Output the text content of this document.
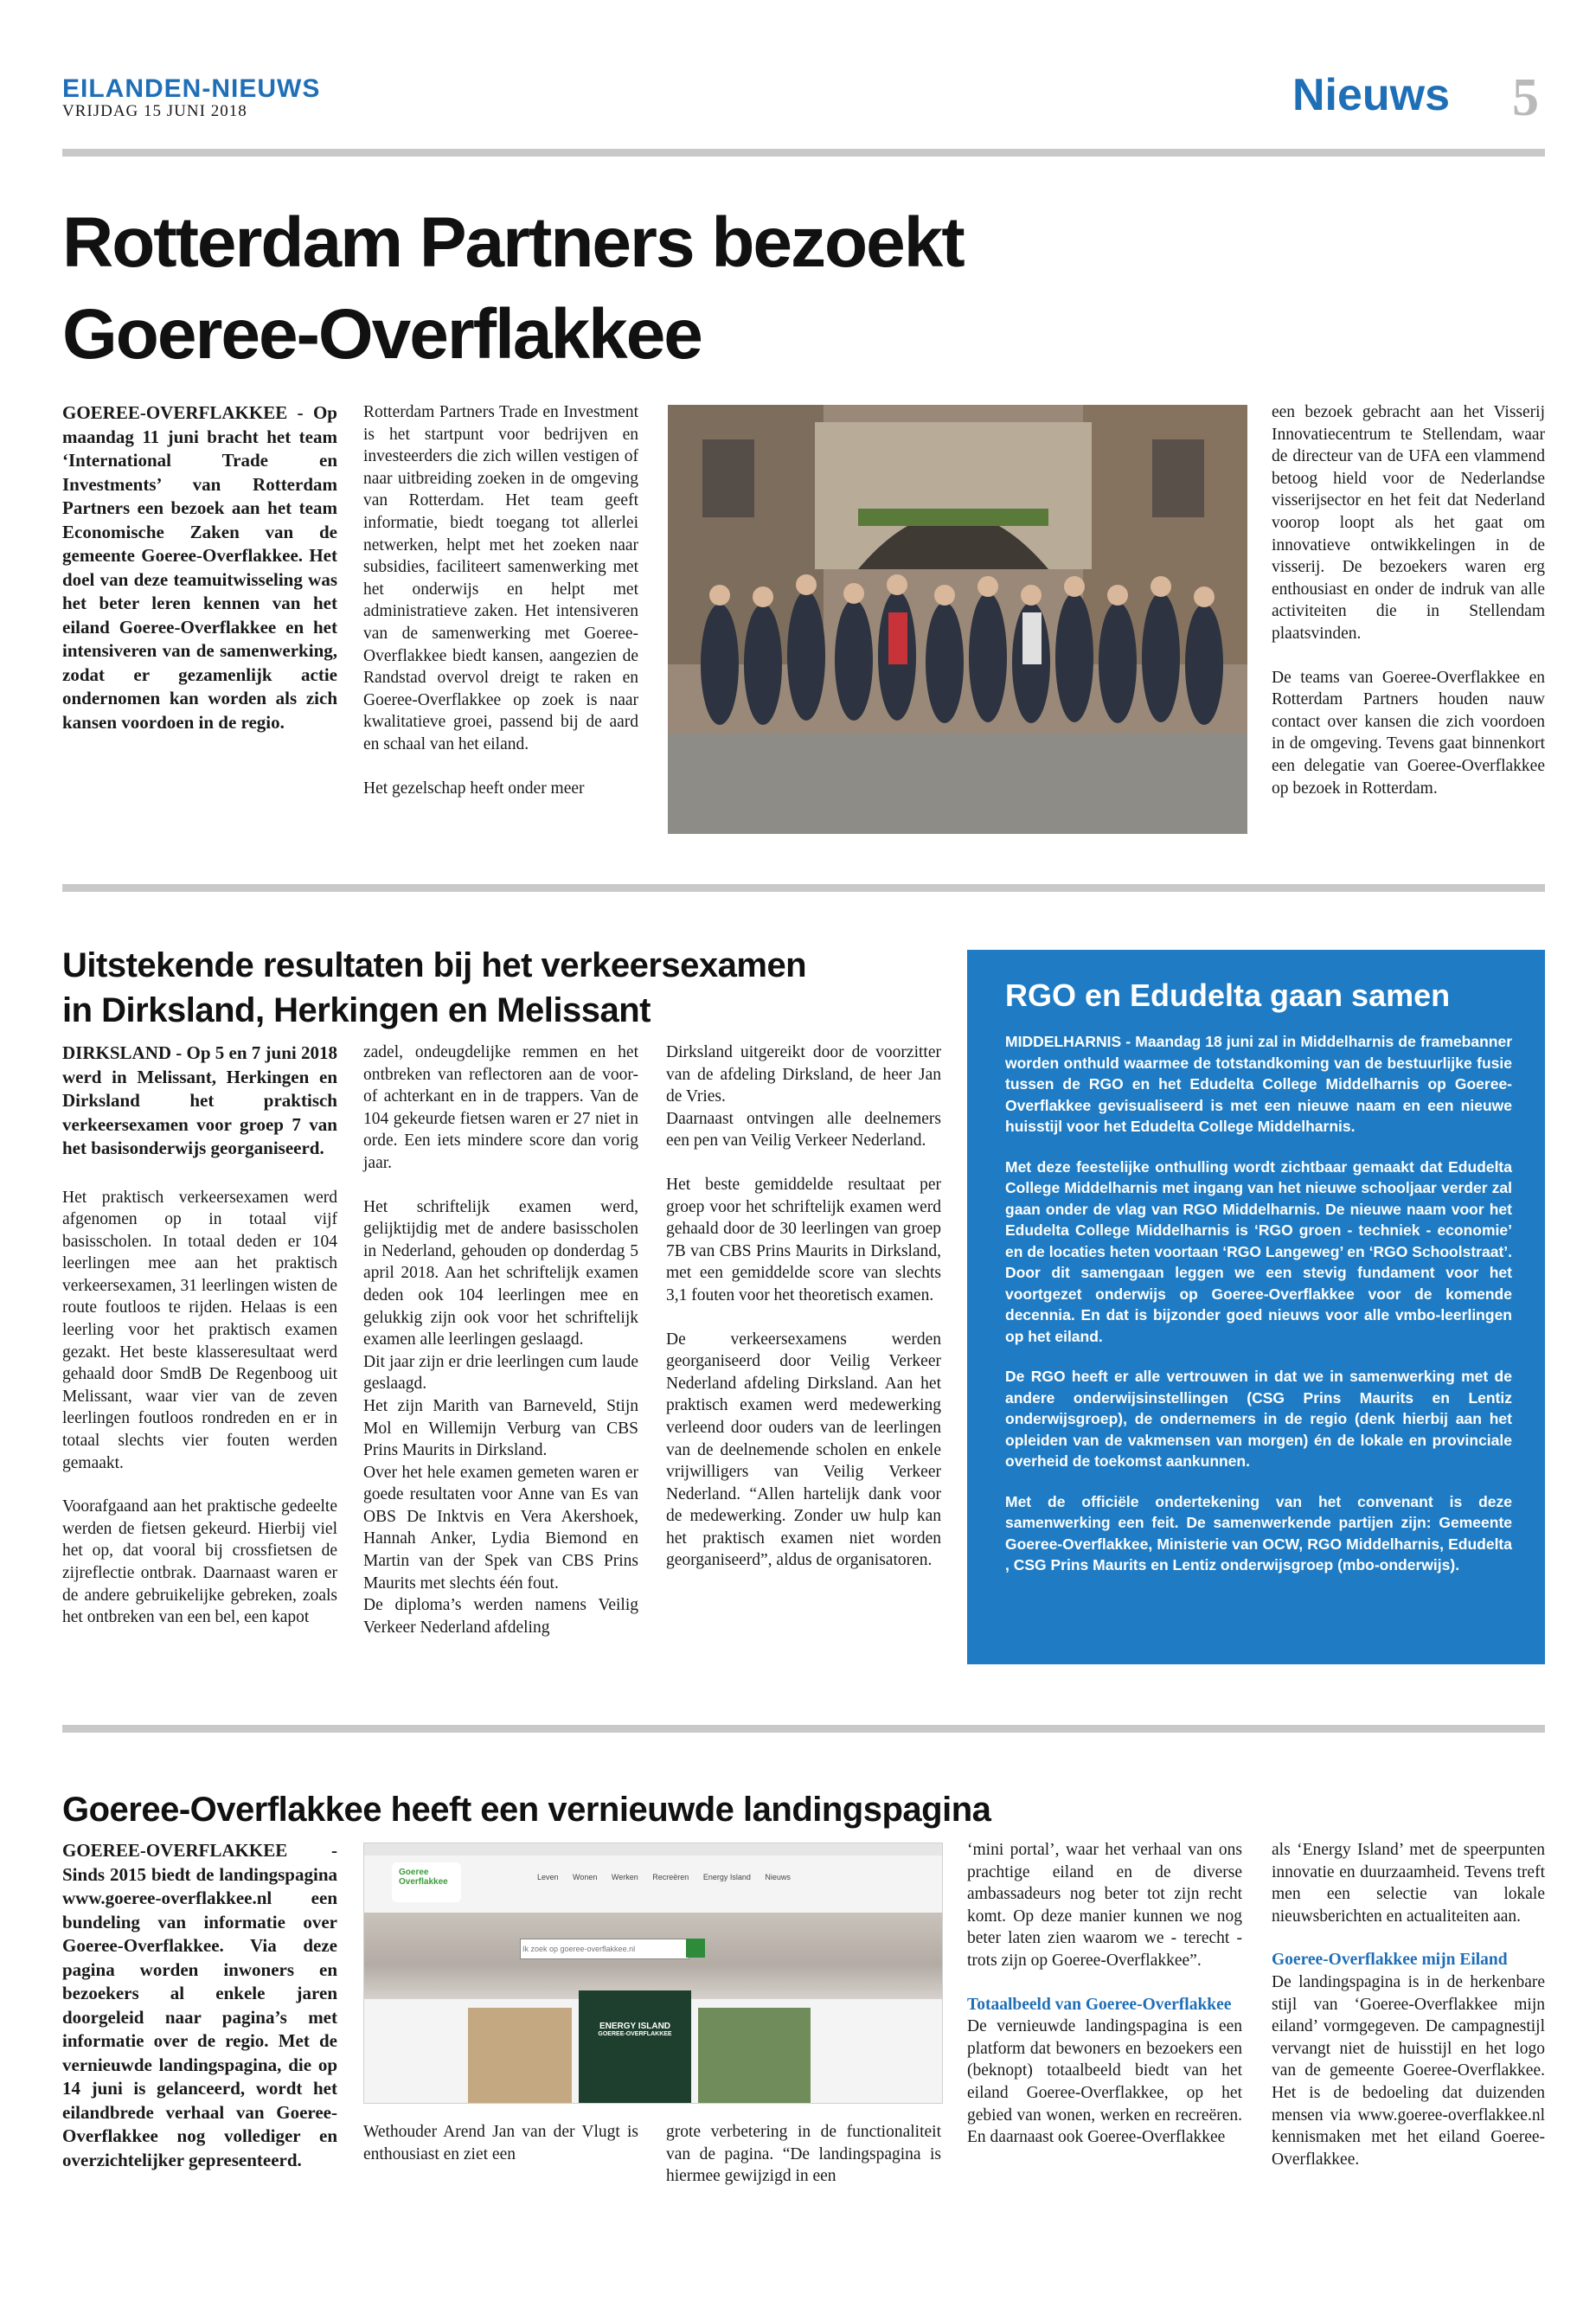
EILANDEN-NIEUWS
VRIJDAG 15 JUNI 2018	Nieuws 5
Rotterdam Partners bezoekt
Goeree-Overflakkee
GOEREE-OVERFLAKKEE - Op maandag 11 juni bracht het team ‘International Trade en Investments’ van Rotterdam Partners een bezoek aan het team Economische Zaken van de gemeente Goeree-Overflakkee. Het doel van deze teamuitwisseling was het beter leren kennen van het eiland Goeree-Overflakkee en het intensiveren van de samenwerking, zodat er gezamenlijk actie ondernomen kan worden als zich kansen voordoen in de regio.

Rotterdam Partners Trade en Investment is het startpunt voor bedrijven en investeerders die zich willen vestigen of naar uitbreiding zoeken in de omgeving van Rotterdam. Het team geeft informatie, biedt toegang tot allerlei netwerken, helpt met het zoeken naar subsidies, faciliteert samenwerking met het onderwijs en helpt met administratieve zaken. Het intensiveren van de samenwerking met Goeree-Overflakkee biedt kansen, aangezien de Randstad overvol dreigt te raken en Goeree-Overflakkee op zoek is naar kwalitatieve groei, passend bij de aard en schaal van het eiland.

Het gezelschap heeft onder meer

een bezoek gebracht aan het Visserij Innovatiecentrum te Stellendam, waar de directeur van de UFA een vlammend betoog hield voor de Nederlandse visserijsector en het feit dat Nederland voorop loopt als het gaat om innovatieve ontwikkelingen in de visserij. De bezoekers waren erg enthousiast en onder de indruk van alle activiteiten die in Stellendam plaatsvinden.

De teams van Goeree-Overflakkee en Rotterdam Partners houden nauw contact over kansen die zich voordoen in de omgeving. Tevens gaat binnenkort een delegatie van Goeree-Overflakkee op bezoek in Rotterdam.

Uitstekende resultaten bij het verkeersexamen
in Dirksland, Herkingen en Melissant

DIRKSLAND - Op 5 en 7 juni 2018 werd in Melissant, Herkingen en Dirksland het praktisch verkeersexamen voor groep 7 van het basisonderwijs georganiseerd.

Het praktisch verkeersexamen werd afgenomen op in totaal vijf basisscholen. In totaal deden er 104 leerlingen mee aan het praktisch verkeersexamen, 31 leerlingen wisten de route foutloos te rijden. Helaas is een leerling voor het praktisch examen gezakt. Het beste klasseresultaat werd gehaald door SmdB De Regenboog uit Melissant, waar vier van de zeven leerlingen foutloos rondreden en er in totaal slechts vier fouten werden gemaakt.

Voorafgaand aan het praktische gedeelte werden de fietsen gekeurd. Hierbij viel het op, dat vooral bij crossfietsen de zijreflectie ontbrak. Daarnaast waren er de andere gebruikelijke gebreken, zoals het ontbreken van een bel, een kapot

zadel, ondeugdelijke remmen en het ontbreken van reflectoren aan de voor- of achterkant en in de trappers. Van de 104 gekeurde fietsen waren er 27 niet in orde. Een iets mindere score dan vorig jaar.

Het schriftelijk examen werd, gelijktijdig met de andere basisscholen in Nederland, gehouden op donderdag 5 april 2018. Aan het schriftelijk examen deden ook 104 leerlingen mee en gelukkig zijn ook voor het schriftelijk examen alle leerlingen geslaagd.

Dit jaar zijn er drie leerlingen cum laude geslaagd.

Het zijn Marith van Barneveld, Stijn Mol en Willemijn Verburg van CBS Prins Maurits in Dirksland.

Over het hele examen gemeten waren er goede resultaten voor Anne van Es van OBS De Inktvis en Vera Akershoek, Hannah Anker, Lydia Biemond en Martin van der Spek van CBS Prins Maurits met slechts één fout.

De diploma’s werden namens Veilig Verkeer Nederland afdeling

Dirksland uitgereikt door de voorzitter van de afdeling Dirksland, de heer Jan de Vries.

Daarnaast ontvingen alle deelnemers een pen van Veilig Verkeer Nederland.

Het beste gemiddelde resultaat per groep voor het schriftelijk examen werd gehaald door de 30 leerlingen van groep 7B van CBS Prins Maurits in Dirksland, met een gemiddelde score van slechts 3,1 fouten voor het theoretisch examen.

De verkeersexamens werden georganiseerd door Veilig Verkeer Nederland afdeling Dirksland. Aan het praktisch examen werd medewerking verleend door ouders van de leerlingen van de deelnemende scholen en enkele vrijwilligers van Veilig Verkeer Nederland. “Allen hartelijk dank voor de medewerking. Zonder uw hulp kan het praktisch examen niet worden georganiseerd”, aldus de organisatoren.

RGO en Edudelta gaan samen

MIDDELHARNIS - Maandag 18 juni zal in Middelharnis de framebanner worden onthuld waarmee de totstandkoming van de bestuurlijke fusie tussen de RGO en het Edudelta College Middelharnis op Goeree-Overflakkee gevisualiseerd is met een nieuwe naam en een nieuwe huisstijl voor het Edudelta College Middelharnis.

Met deze feestelijke onthulling wordt zichtbaar gemaakt dat Edudelta College Middelharnis met ingang van het nieuwe schooljaar verder zal gaan onder de vlag van RGO Middelharnis. De nieuwe naam voor het Edudelta College Middelharnis is ‘RGO groen - techniek - economie’ en de locaties heten voortaan ‘RGO Langeweg’ en ‘RGO Schoolstraat’. Door dit samengaan leggen we een stevig fundament voor het voortgezet onderwijs op Goeree-Overflakkee voor de komende decennia. En dat is bijzonder goed nieuws voor alle vmbo-leerlingen op het eiland.

De RGO heeft er alle vertrouwen in dat we in samenwerking met de andere onderwijsinstellingen (CSG Prins Maurits en Lentiz onderwijsgroep), de ondernemers in de regio (denk hierbij aan het opleiden van de vakmensen van morgen) én de lokale en provinciale overheid de toekomst aankunnen.

Met de officiële ondertekening van het convenant is deze samenwerking een feit. De samenwerkende partijen zijn: Gemeente Goeree-Overflakkee, Ministerie van OCW, RGO Middelharnis, Edudelta , CSG Prins Maurits en Lentiz onderwijsgroep (mbo-onderwijs).

Goeree-Overflakkee heeft een vernieuwde landingspagina
GOEREE-OVERFLAKKEE - Sinds 2015 biedt de landingspagina www.goeree-overflakkee.nl een bundeling van informatie over Goeree-Overflakkee. Via deze pagina worden inwoners en bezoekers al enkele jaren doorgeleid naar pagina’s met informatie over de regio. Met de vernieuwde landingspagina, die op 14 juni is gelanceerd, wordt het eilandbrede verhaal van Goeree-Overflakkee nog vollediger en overzichtelijker gepresenteerd.
Goeree
Overflakkee	Leven Wonen Werken Recreëren Energy Island Nieuws
Ik zoek op goeree-overflakkee.nl
ENERGY ISLAND
GOEREE-OVERFLAKKEE

Wethouder Arend Jan van der Vlugt is enthousiast en ziet een

grote verbetering in de functionaliteit van de pagina. “De landingspagina is hiermee gewijzigd in een

‘mini portal’, waar het verhaal van ons prachtige eiland en de diverse ambassadeurs nog beter tot zijn recht komt. Op deze manier kunnen we nog beter laten zien waarom we - terecht - trots zijn op Goeree-Overflakkee”.

Totaalbeeld van Goeree-Overflakkee

De vernieuwde landingspagina is een platform dat bewoners en bezoekers een (beknopt) totaalbeeld biedt van het eiland Goeree-Overflakkee, op het gebied van wonen, werken en recreëren. En daarnaast ook Goeree-Overflakkee

als ‘Energy Island’ met de speerpunten innovatie en duurzaamheid. Tevens treft men een selectie van lokale nieuwsberichten en actualiteiten aan.

Goeree-Overflakkee mijn Eiland

De landingspagina is in de herkenbare stijl van ‘Goeree-Overflakkee mijn eiland’ vormgegeven. De campagnestijl vervangt niet de huisstijl en het logo van de gemeente Goeree-Overflakkee. Het is de bedoeling dat duizenden mensen via www.goeree-overflakkee.nl kennismaken met het eiland Goeree-Overflakkee.
